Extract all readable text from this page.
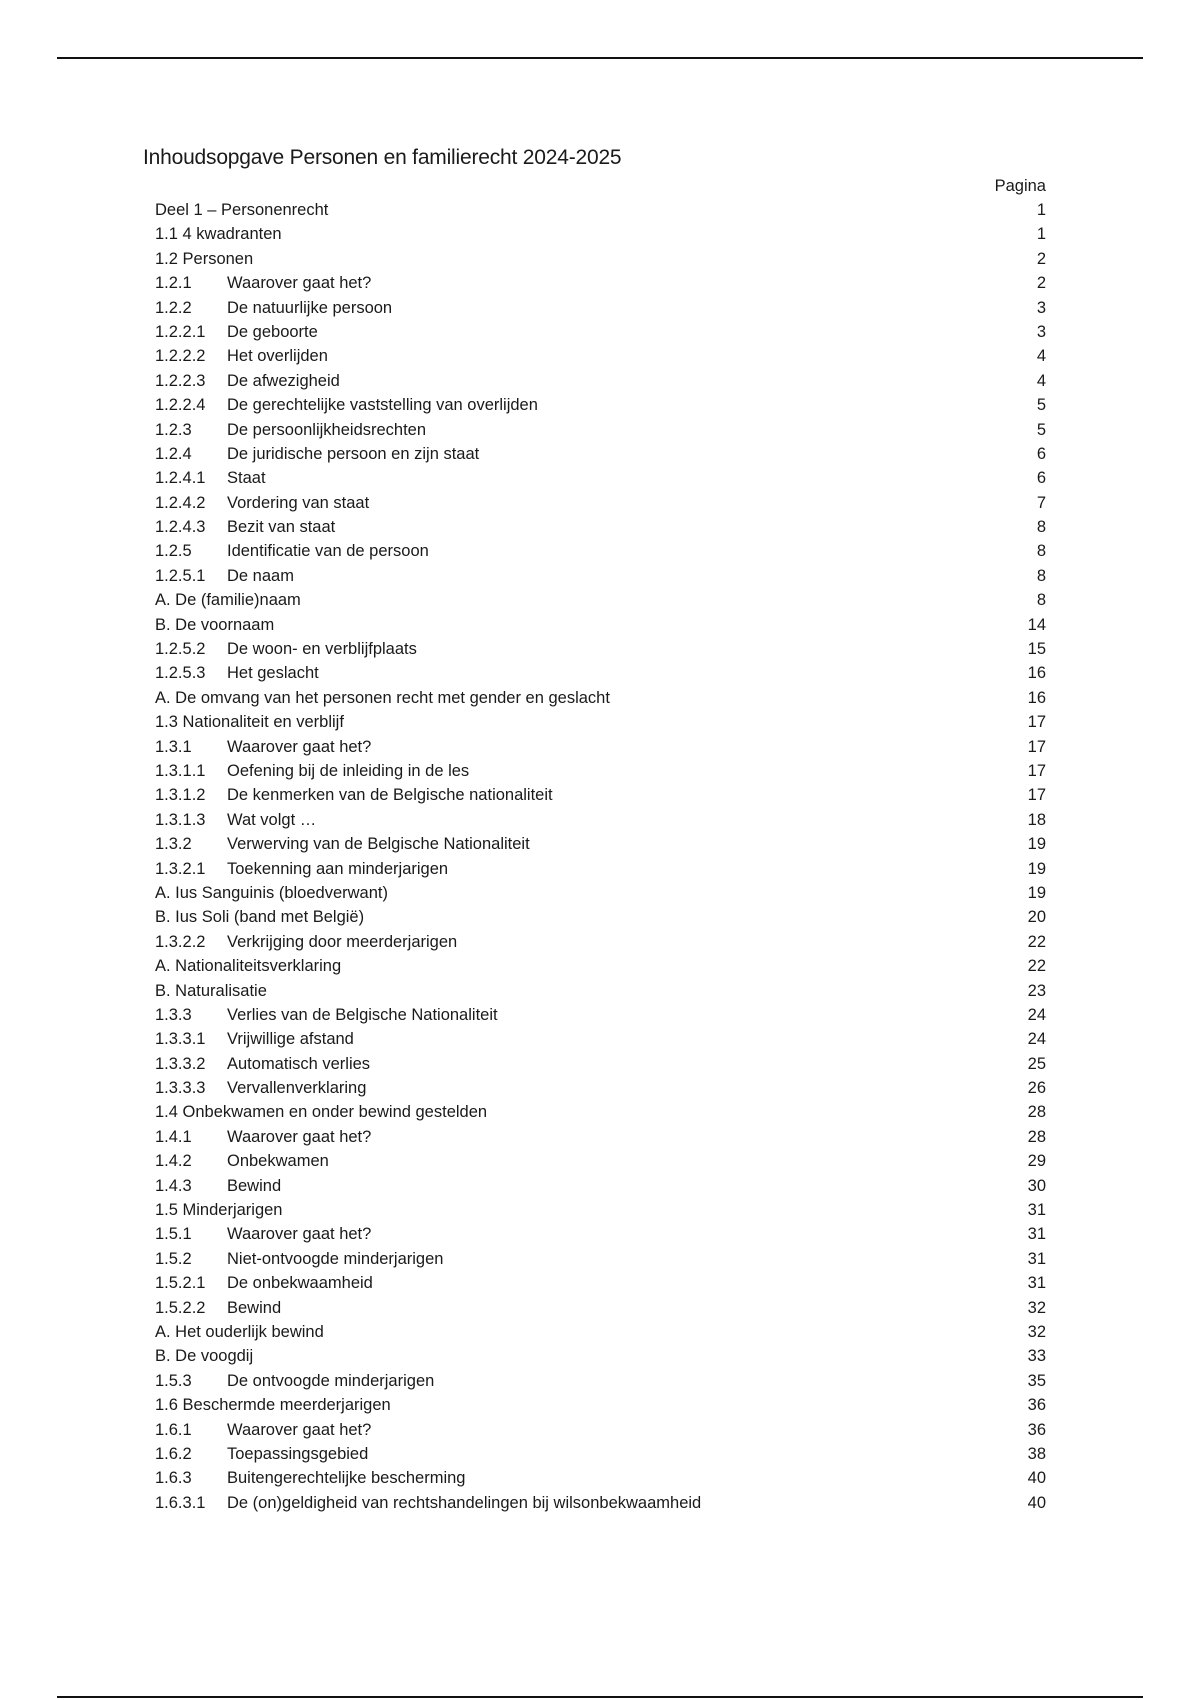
Inhoudsopgave Personen en familierecht 2024-2025
Pagina
Deel 1 – Personenrecht	1
1.1 4 kwadranten	1
1.2 Personen	2
1.2.1 Waarover gaat het?	2
1.2.2 De natuurlijke persoon	3
1.2.2.1 De geboorte	3
1.2.2.2 Het overlijden	4
1.2.2.3 De afwezigheid	4
1.2.2.4 De gerechtelijke vaststelling van overlijden	5
1.2.3 De persoonlijkheidsrechten	5
1.2.4 De juridische persoon en zijn staat	6
1.2.4.1 Staat	6
1.2.4.2 Vordering van staat	7
1.2.4.3 Bezit van staat	8
1.2.5 Identificatie van de persoon	8
1.2.5.1 De naam	8
A. De (familie)naam	8
B. De voornaam	14
1.2.5.2 De woon- en verblijfplaats	15
1.2.5.3 Het geslacht	16
A. De omvang van het personen recht met gender en geslacht	16
1.3 Nationaliteit en verblijf	17
1.3.1 Waarover gaat het?	17
1.3.1.1 Oefening bij de inleiding in de les	17
1.3.1.2 De kenmerken van de Belgische nationaliteit	17
1.3.1.3 Wat volgt …	18
1.3.2 Verwerving van de Belgische Nationaliteit	19
1.3.2.1 Toekenning aan minderjarigen	19
A. Ius Sanguinis (bloedverwant)	19
B. Ius Soli (band met België)	20
1.3.2.2 Verkrijging door meerderjarigen	22
A. Nationaliteitsverklaring	22
B. Naturalisatie	23
1.3.3 Verlies van de Belgische Nationaliteit	24
1.3.3.1 Vrijwillige afstand	24
1.3.3.2 Automatisch verlies	25
1.3.3.3 Vervallenverklaring	26
1.4 Onbekwamen en onder bewind gestelden	28
1.4.1 Waarover gaat het?	28
1.4.2 Onbekwamen	29
1.4.3 Bewind	30
1.5 Minderjarigen	31
1.5.1 Waarover gaat het?	31
1.5.2 Niet-ontvoogde minderjarigen	31
1.5.2.1 De onbekwaamheid	31
1.5.2.2 Bewind	32
A. Het ouderlijk bewind	32
B. De voogdij	33
1.5.3 De ontvoogde minderjarigen	35
1.6 Beschermde meerderjarigen	36
1.6.1 Waarover gaat het?	36
1.6.2 Toepassingsgebied	38
1.6.3 Buitengerechtelijke bescherming	40
1.6.3.1 De (on)geldigheid van rechtshandelingen bij wilsonbekwaamheid	40
